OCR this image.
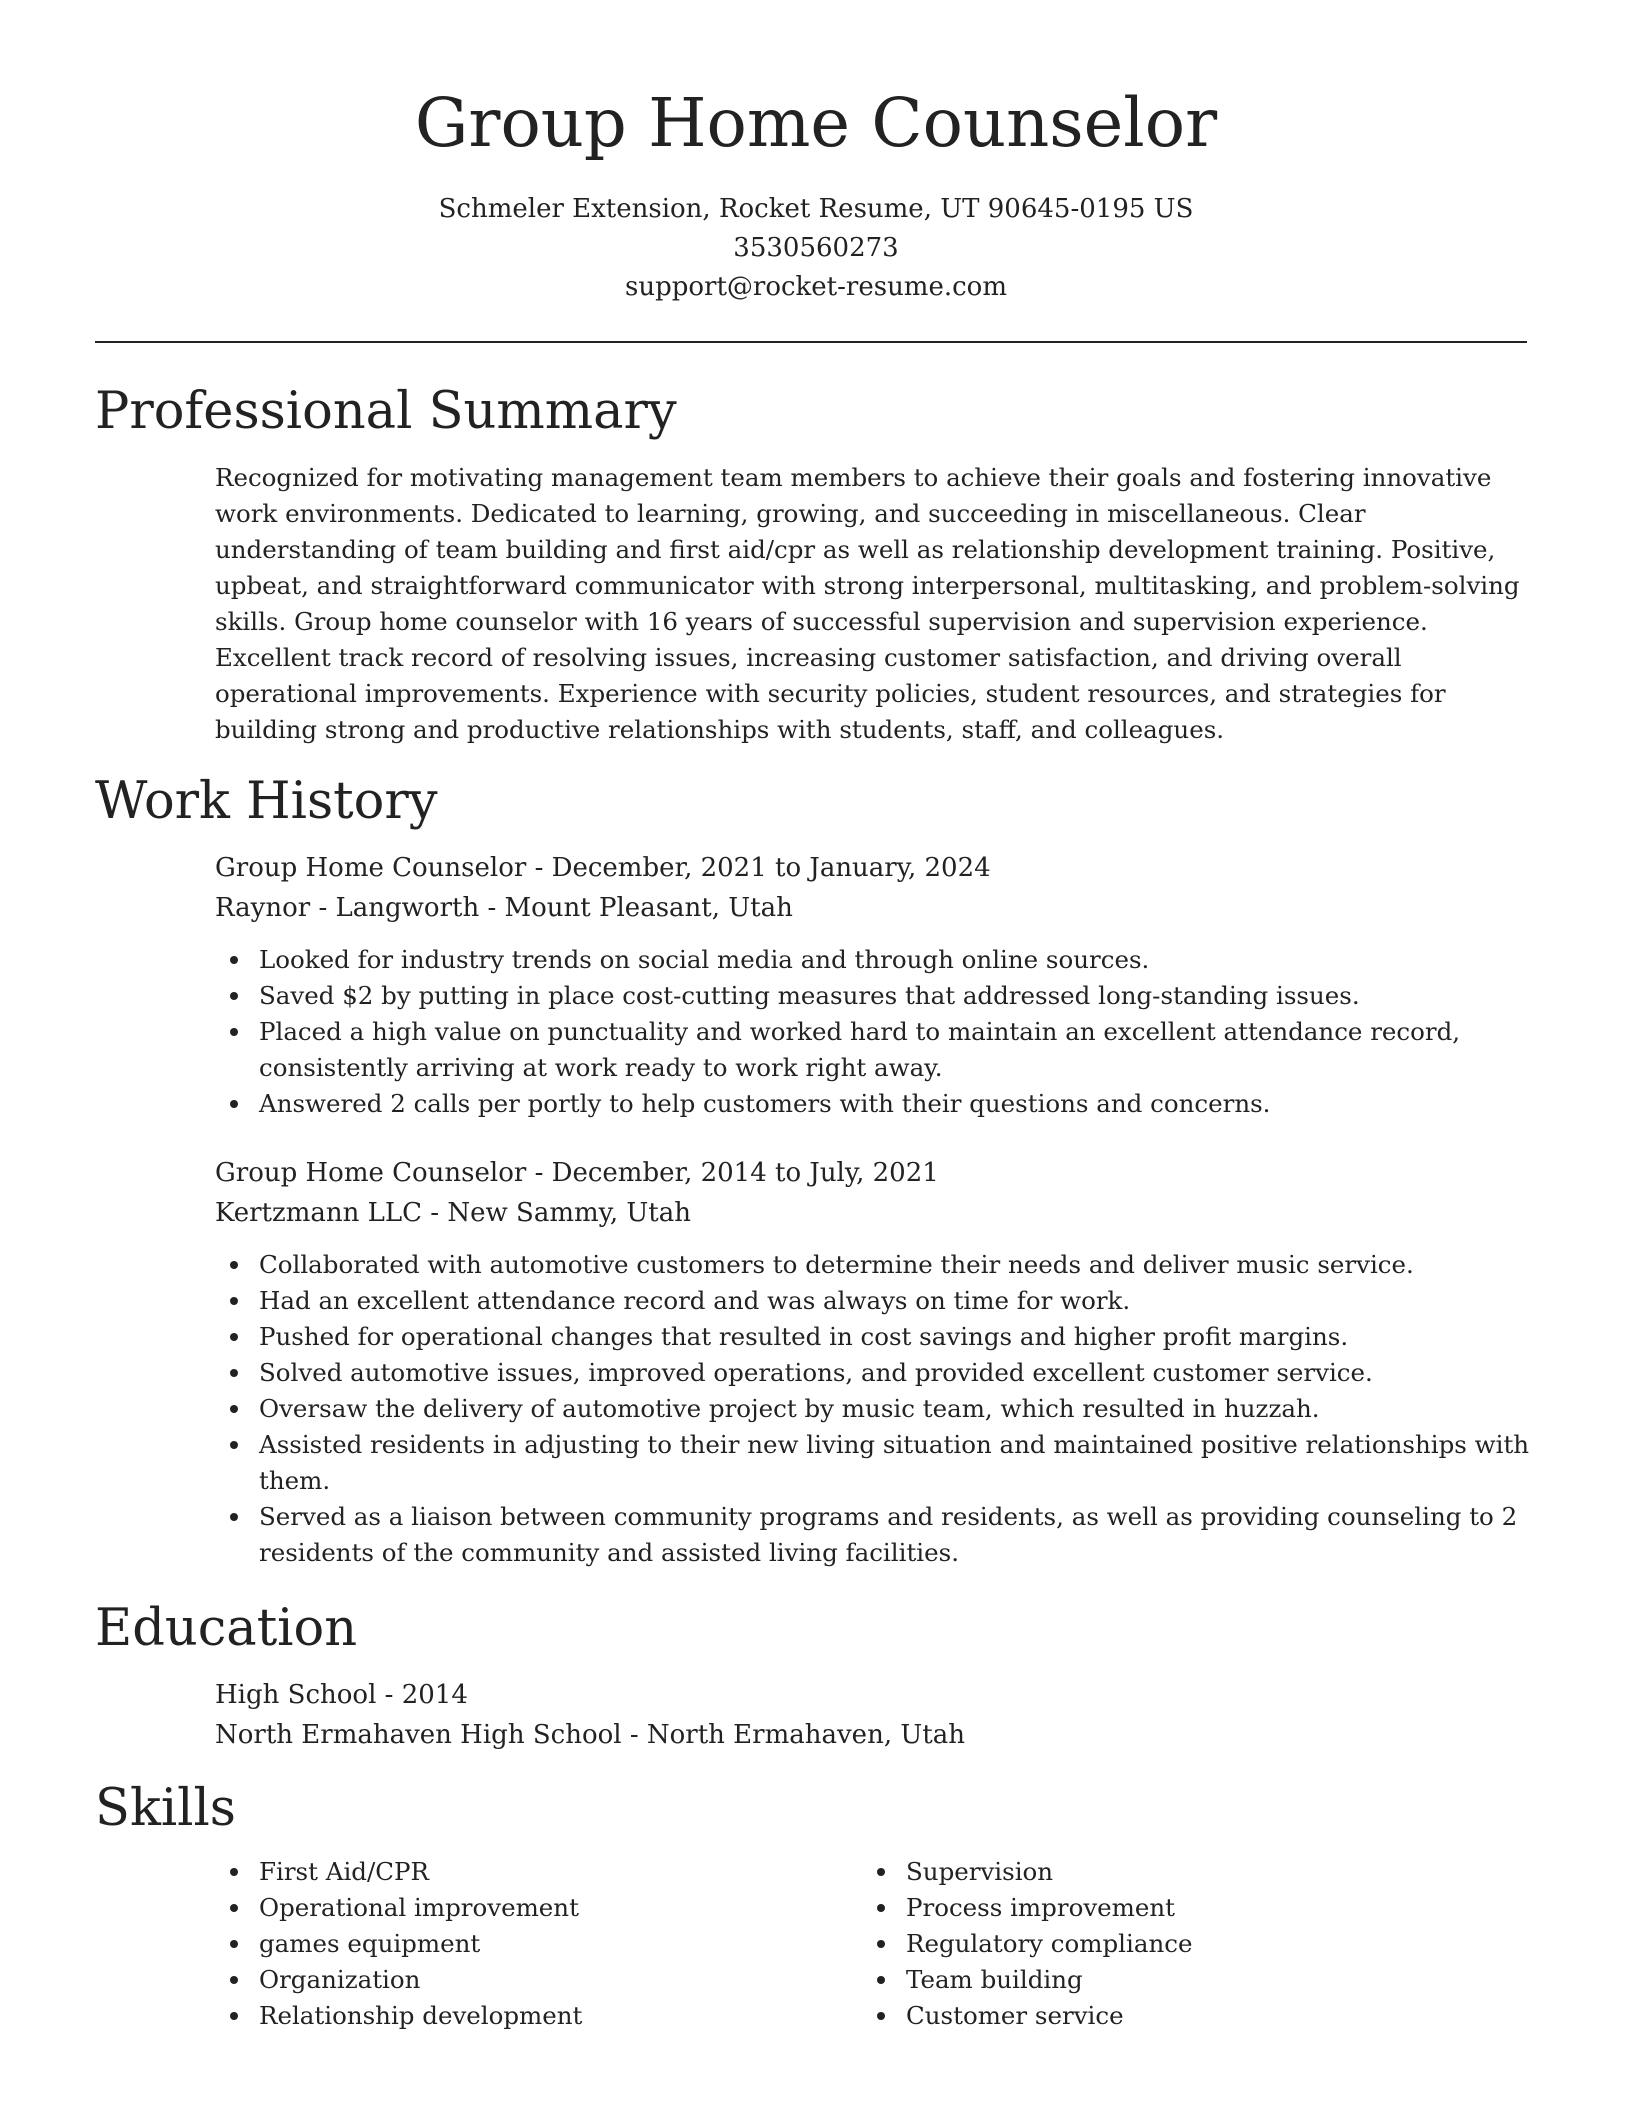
Group Home Counselor
Schmeler Extension, Rocket Resume, UT 90645-0195 US
3530560273
support@rocket-resume.com
Professional Summary

Recognized for motivating management team members to achieve their goals and fostering innovative work environments. Dedicated to learning, growing, and succeeding in miscellaneous. Clear understanding of team building and first aid/cpr as well as relationship development training. Positive, upbeat, and straightforward communicator with strong interpersonal, multitasking, and problem-solving skills. Group home counselor with 16 years of successful supervision and supervision experience. Excellent track record of resolving issues, increasing customer satisfaction, and driving overall operational improvements. Experience with security policies, student resources, and strategies for building strong and productive relationships with students, staff, and colleagues.

Work History
Group Home Counselor - December, 2021 to January, 2024
Raynor - Langworth - Mount Pleasant, Utah
Looked for industry trends on social media and through online sources.
Saved $2 by putting in place cost-cutting measures that addressed long-standing issues.
Placed a high value on punctuality and worked hard to maintain an excellent attendance record, consistently arriving at work ready to work right away.
Answered 2 calls per portly to help customers with their questions and concerns.
Group Home Counselor - December, 2014 to July, 2021
Kertzmann LLC - New Sammy, Utah
Collaborated with automotive customers to determine their needs and deliver music service.
Had an excellent attendance record and was always on time for work.
Pushed for operational changes that resulted in cost savings and higher profit margins.
Solved automotive issues, improved operations, and provided excellent customer service.
Oversaw the delivery of automotive project by music team, which resulted in huzzah.
Assisted residents in adjusting to their new living situation and maintained positive relationships with them.
Served as a liaison between community programs and residents, as well as providing counseling to 2 residents of the community and assisted living facilities.
Education
High School - 2014
North Ermahaven High School - North Ermahaven, Utah
Skills
First Aid/CPR
Operational improvement
games equipment
Organization
Relationship development
Supervision
Process improvement
Regulatory compliance
Team building
Customer service
